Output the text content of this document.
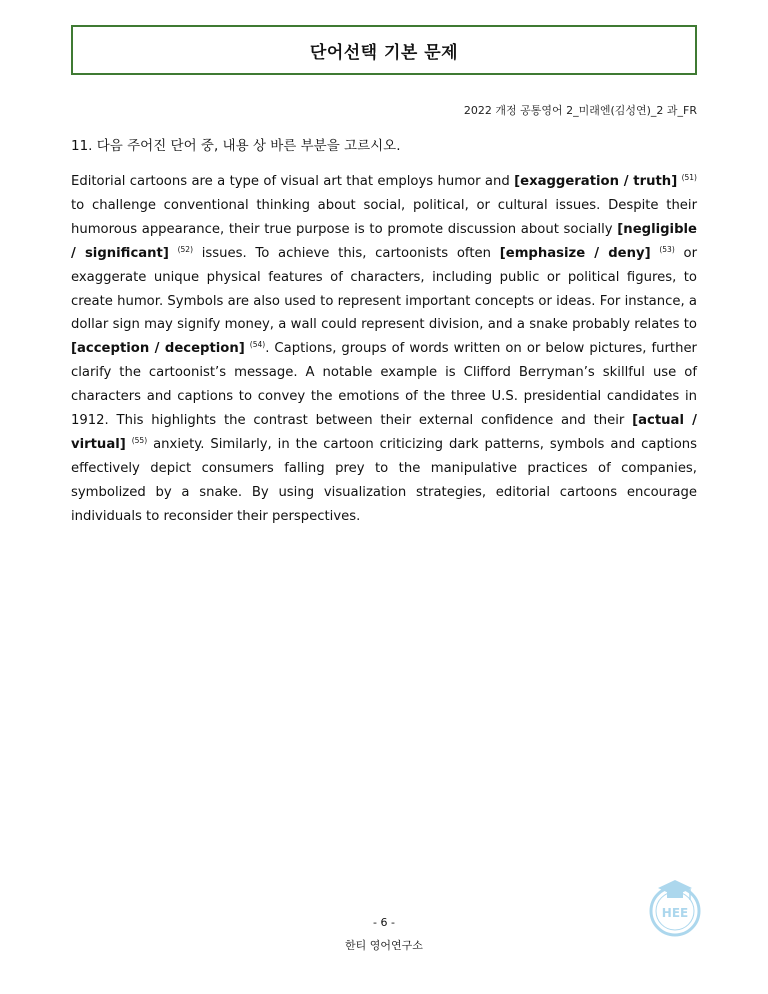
단어선택 기본 문제
2022 개정 공통영어 2_미래엔(김성연)_2 과_FR
11. 다음 주어진 단어 중, 내용 상 바른 부분을 고르시오.
Editorial cartoons are a type of visual art that employs humor and [exaggeration / truth] $^{(51)}$ to challenge conventional thinking about social, political, or cultural issues. Despite their humorous appearance, their true purpose is to promote discussion about socially [negligible / significant] $^{(52)}$ issues. To achieve this, cartoonists often [emphasize / deny] $^{(53)}$ or exaggerate unique physical features of characters, including public or political figures, to create humor. Symbols are also used to represent important concepts or ideas. For instance, a dollar sign may signify money, a wall could represent division, and a snake probably relates to [acception / deception] $^{(54)}$. Captions, groups of words written on or below pictures, further clarify the cartoonist’s message. A notable example is Clifford Berryman’s skillful use of characters and captions to convey the emotions of the three U.S. presidential candidates in 1912. This highlights the contrast between their external confidence and their [actual / virtual] $^{(55)}$ anxiety. Similarly, in the cartoon criticizing dark patterns, symbols and captions effectively depict consumers falling prey to the manipulative practices of companies, symbolized by a snake. By using visualization strategies, editorial cartoons encourage individuals to reconsider their perspectives.
- 6 -
한티 영어연구소
HEE
